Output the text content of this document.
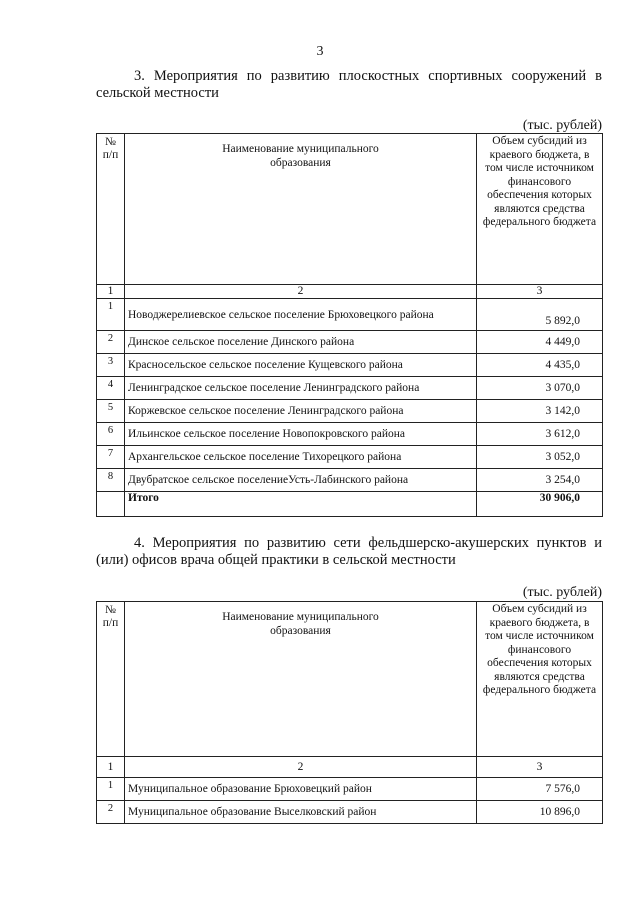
3
3. Мероприятия по развитию плоскостных спортивных сооружений в сельской местности
(тыс. рублей)
№ п/п	Наименование муниципального образования	Объем субсидий из краевого бюджета, в том числе источником финансового обеспечения которых являются средства федерального бюджета
1	2	3
1	Новоджерелиевское сельское поселение Брюховецкого района	5 892,0
2	Динское сельское поселение Динского района	4 449,0
3	Красносельское сельское поселение Кущевского района	4 435,0
4	Ленинградское сельское поселение Ленинградского района	3 070,0
5	Коржевское сельское поселение Ленинградского района	3 142,0
6	Ильинское сельское поселение Новопокровского района	3 612,0
7	Архангельское сельское поселение Тихорецкого района	3 052,0
8	Двубратское сельское поселениеУсть-Лабинского района	3 254,0
	Итого	30 906,0
4. Мероприятия по развитию сети фельдшерско-акушерских пунктов и (или) офисов врача общей практики в сельской местности
(тыс. рублей)
№ п/п	Наименование муниципального образования	Объем субсидий из краевого бюджета, в том числе источником финансового обеспечения которых являются средства федерального бюджета
1	2	3
1	Муниципальное образование Брюховецкий район	7 576,0
2	Муниципальное образование Выселковский район	10 896,0
